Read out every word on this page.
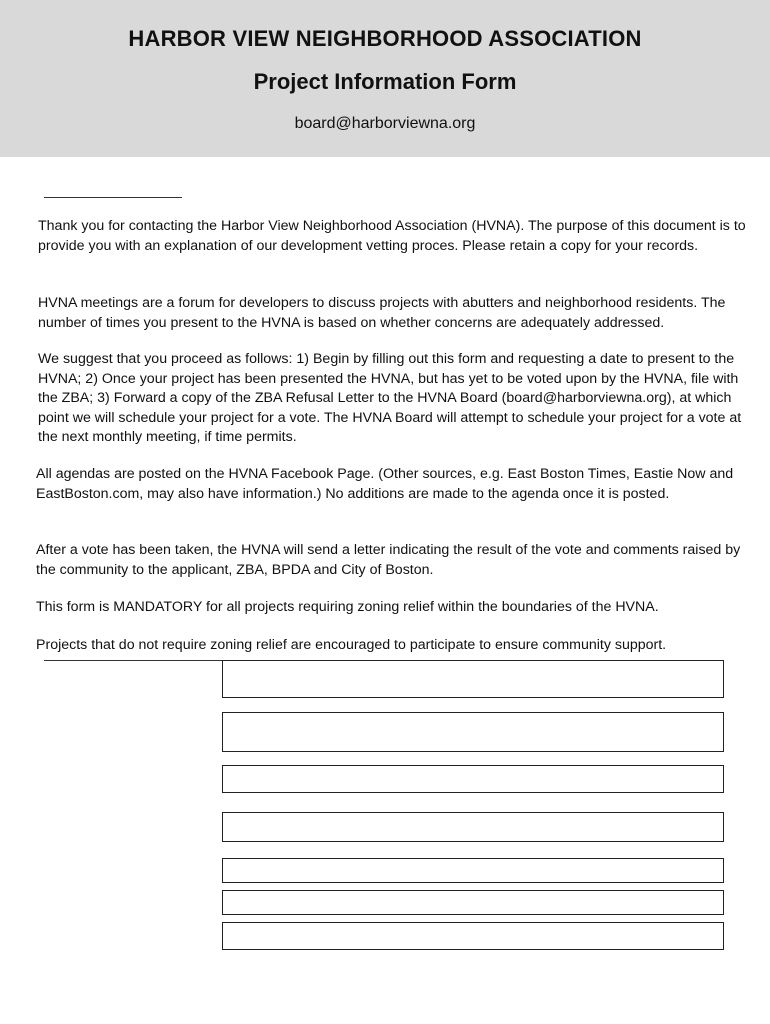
HARBOR VIEW NEIGHBORHOOD ASSOCIATION
Project Information Form
board@harborviewna.org

Thank you for contacting the Harbor View Neighborhood Association (HVNA). The purpose of this document is to provide you with an explanation of our development vetting proces. Please retain a copy for your records.

HVNA meetings are a forum for developers to discuss projects with abutters and neighborhood residents. The number of times you present to the HVNA is based on whether concerns are adequately addressed.

We suggest that you proceed as follows: 1) Begin by filling out this form and requesting a date to present to the HVNA; 2) Once your project has been presented the HVNA, but has yet to be voted upon by the HVNA, file with the ZBA; 3) Forward a copy of the ZBA Refusal Letter to the HVNA Board (board@harborviewna.org), at which point we will schedule your project for a vote. The HVNA Board will attempt to schedule your project for a vote at the next monthly meeting, if time permits.

All agendas are posted on the HVNA Facebook Page. (Other sources, e.g. East Boston Times, Eastie Now and EastBoston.com, may also have information.) No additions are made to the agenda once it is posted.

After a vote has been taken, the HVNA will send a letter indicating the result of the vote and comments raised by the community to the applicant, ZBA, BPDA and City of Boston.

This form is MANDATORY for all projects requiring zoning relief within the boundaries of the HVNA.

Projects that do not require zoning relief are encouraged to participate to ensure community support.
